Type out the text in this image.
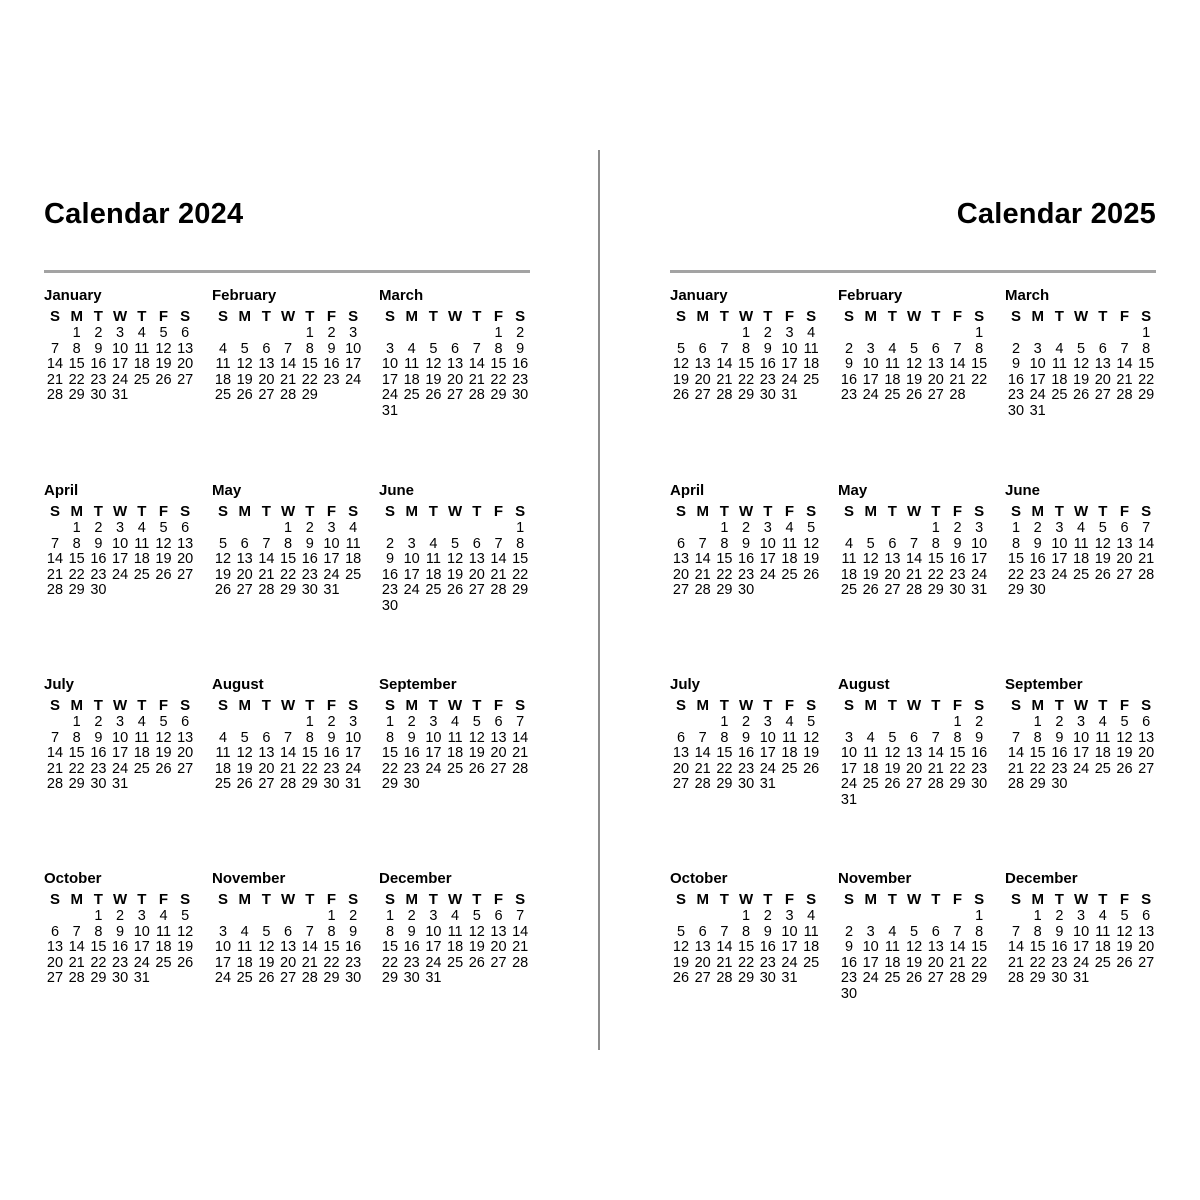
Calendar 2024
January
S M T W T F S
1 2 3 4 5 6
7 8 9 10 11 12 13
14 15 16 17 18 19 20
21 22 23 24 25 26 27
28 29 30 31
February
S M T W T F S
1 2 3
4 5 6 7 8 9 10
11 12 13 14 15 16 17
18 19 20 21 22 23 24
25 26 27 28 29
March
S M T W T F S
1 2
3 4 5 6 7 8 9
10 11 12 13 14 15 16
17 18 19 20 21 22 23
24 25 26 27 28 29 30
31
April
S M T W T F S
1 2 3 4 5 6
7 8 9 10 11 12 13
14 15 16 17 18 19 20
21 22 23 24 25 26 27
28 29 30
May
S M T W T F S
1 2 3 4
5 6 7 8 9 10 11
12 13 14 15 16 17 18
19 20 21 22 23 24 25
26 27 28 29 30 31
June
S M T W T F S
1
2 3 4 5 6 7 8
9 10 11 12 13 14 15
16 17 18 19 20 21 22
23 24 25 26 27 28 29
30
July
S M T W T F S
1 2 3 4 5 6
7 8 9 10 11 12 13
14 15 16 17 18 19 20
21 22 23 24 25 26 27
28 29 30 31
August
S M T W T F S
1 2 3
4 5 6 7 8 9 10
11 12 13 14 15 16 17
18 19 20 21 22 23 24
25 26 27 28 29 30 31
September
S M T W T F S
1 2 3 4 5 6 7
8 9 10 11 12 13 14
15 16 17 18 19 20 21
22 23 24 25 26 27 28
29 30
October
S M T W T F S
1 2 3 4 5
6 7 8 9 10 11 12
13 14 15 16 17 18 19
20 21 22 23 24 25 26
27 28 29 30 31
November
S M T W T F S
1 2
3 4 5 6 7 8 9
10 11 12 13 14 15 16
17 18 19 20 21 22 23
24 25 26 27 28 29 30
December
S M T W T F S
1 2 3 4 5 6 7
8 9 10 11 12 13 14
15 16 17 18 19 20 21
22 23 24 25 26 27 28
29 30 31
Calendar 2025
January
S M T W T F S
1 2 3 4
5 6 7 8 9 10 11
12 13 14 15 16 17 18
19 20 21 22 23 24 25
26 27 28 29 30 31
February
S M T W T F S
1
2 3 4 5 6 7 8
9 10 11 12 13 14 15
16 17 18 19 20 21 22
23 24 25 26 27 28
March
S M T W T F S
1
2 3 4 5 6 7 8
9 10 11 12 13 14 15
16 17 18 19 20 21 22
23 24 25 26 27 28 29
30 31
April
S M T W T F S
1 2 3 4 5
6 7 8 9 10 11 12
13 14 15 16 17 18 19
20 21 22 23 24 25 26
27 28 29 30
May
S M T W T F S
1 2 3
4 5 6 7 8 9 10
11 12 13 14 15 16 17
18 19 20 21 22 23 24
25 26 27 28 29 30 31
June
S M T W T F S
1 2 3 4 5 6 7
8 9 10 11 12 13 14
15 16 17 18 19 20 21
22 23 24 25 26 27 28
29 30
July
S M T W T F S
1 2 3 4 5
6 7 8 9 10 11 12
13 14 15 16 17 18 19
20 21 22 23 24 25 26
27 28 29 30 31
August
S M T W T F S
1 2
3 4 5 6 7 8 9
10 11 12 13 14 15 16
17 18 19 20 21 22 23
24 25 26 27 28 29 30
31
September
S M T W T F S
1 2 3 4 5 6
7 8 9 10 11 12 13
14 15 16 17 18 19 20
21 22 23 24 25 26 27
28 29 30
October
S M T W T F S
1 2 3 4
5 6 7 8 9 10 11
12 13 14 15 16 17 18
19 20 21 22 23 24 25
26 27 28 29 30 31
November
S M T W T F S
1
2 3 4 5 6 7 8
9 10 11 12 13 14 15
16 17 18 19 20 21 22
23 24 25 26 27 28 29
30
December
S M T W T F S
1 2 3 4 5 6
7 8 9 10 11 12 13
14 15 16 17 18 19 20
21 22 23 24 25 26 27
28 29 30 31
